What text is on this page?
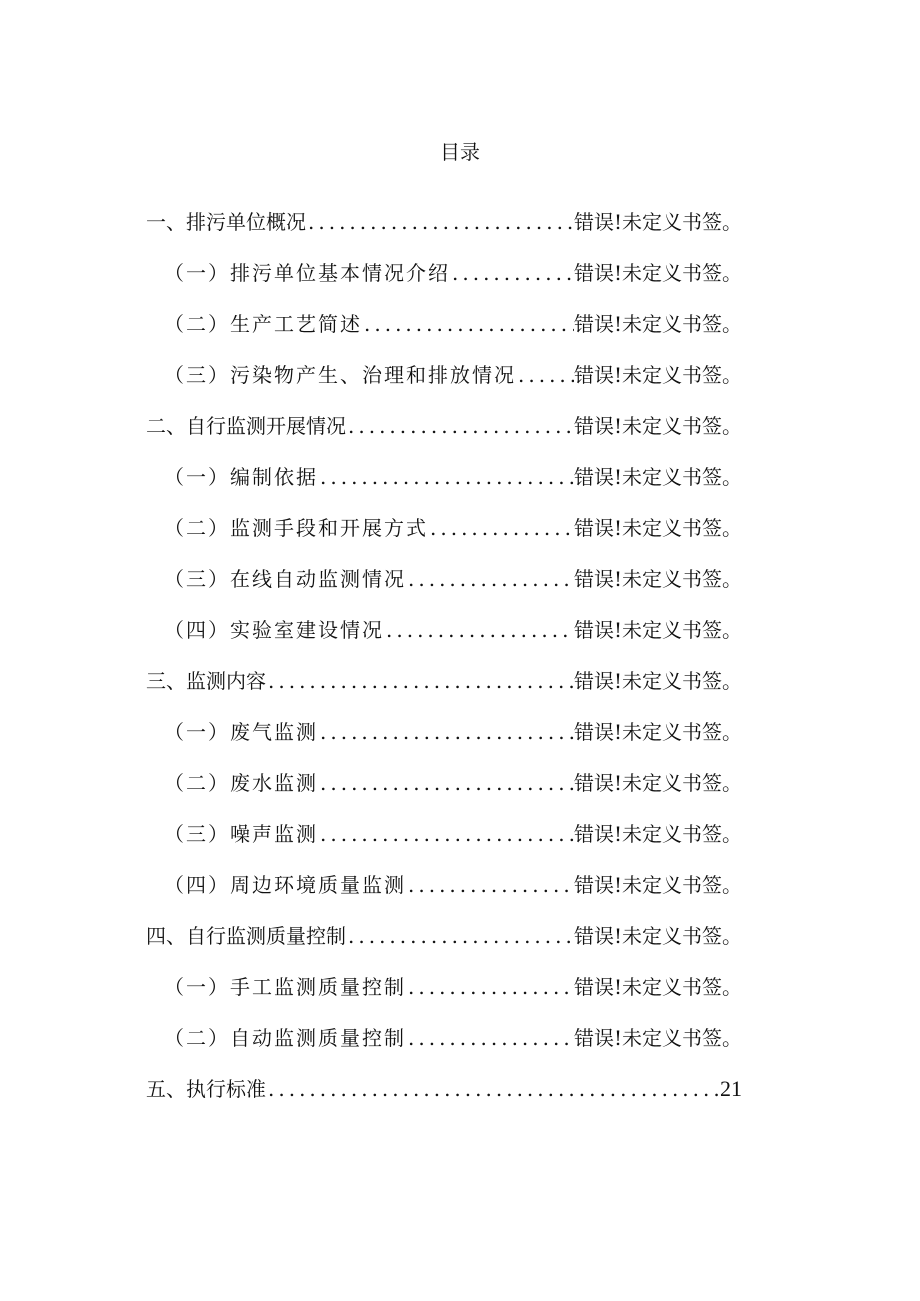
目录
一、排污单位概况 .....	错误!未定义书签。
（一）排污单位基本情况介绍 .....	错误!未定义书签。
（二）生产工艺简述 .....	错误!未定义书签。
（三）污染物产生、治理和排放情况 .....	错误!未定义书签。
二、自行监测开展情况 .....	错误!未定义书签。
（一）编制依据 .....	错误!未定义书签。
（二）监测手段和开展方式 .....	错误!未定义书签。
（三）在线自动监测情况 .....	错误!未定义书签。
（四）实验室建设情况 .....	错误!未定义书签。
三、监测内容 .....	错误!未定义书签。
（一）废气监测 .....	错误!未定义书签。
（二）废水监测 .....	错误!未定义书签。
（三）噪声监测 .....	错误!未定义书签。
（四）周边环境质量监测 .....	错误!未定义书签。
四、自行监测质量控制 .....	错误!未定义书签。
（一）手工监测质量控制 .....	错误!未定义书签。
（二）自动监测质量控制 .....	错误!未定义书签。
五、执行标准 .....	21
